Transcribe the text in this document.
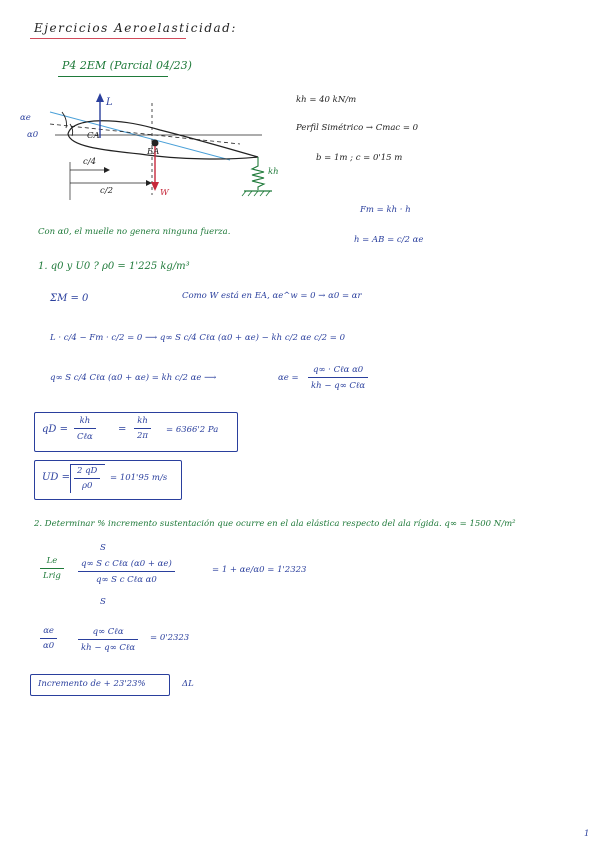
Ejercicios Aeroelasticidad:
P4 2EM (Parcial 04/23)
L
αe
α0	CA
EA
c/4
c/2	W
kh
kh = 40 kN/m
Perfil Simétrico → Cmac = 0
b = 1m ; c = 0'15 m
Fm = kh · h
h = AB = c/2 αe
Con α0, el muelle no genera ninguna fuerza.
1. q0 y U0 ? ρ0 = 1'225 kg/m³
ΣM = 0	Como W está en EA, αe^w = 0 → α0 = αr
L · c/4 − Fm · c/2 = 0 ⟶ q∞ S c/4 Cℓα (α0 + αe) − kh c/2 αe c/2 = 0
q∞ S c/4 Cℓα (α0 + αe) = kh c/2 αe ⟶	αe =
q∞ · Cℓα α0
kh − q∞ Cℓα
qD =
kh
Cℓα
=
kh
2π
= 6366'2 Pa
UD =
2 qD
ρ0
= 101'95 m/s
2. Determinar % incremento sustentación que ocurre en el ala elástica respecto del ala rígida. q∞ = 1500 N/m²
Le
Lrig
S
q∞ S c Cℓα (α0 + αe)
q∞ S c Cℓα α0
S
= 1 + αe/α0 = 1'2323
αe
α0
q∞ Cℓα
kh − q∞ Cℓα
= 0'2323
Incremento de + 23'23%	ΔL
1
